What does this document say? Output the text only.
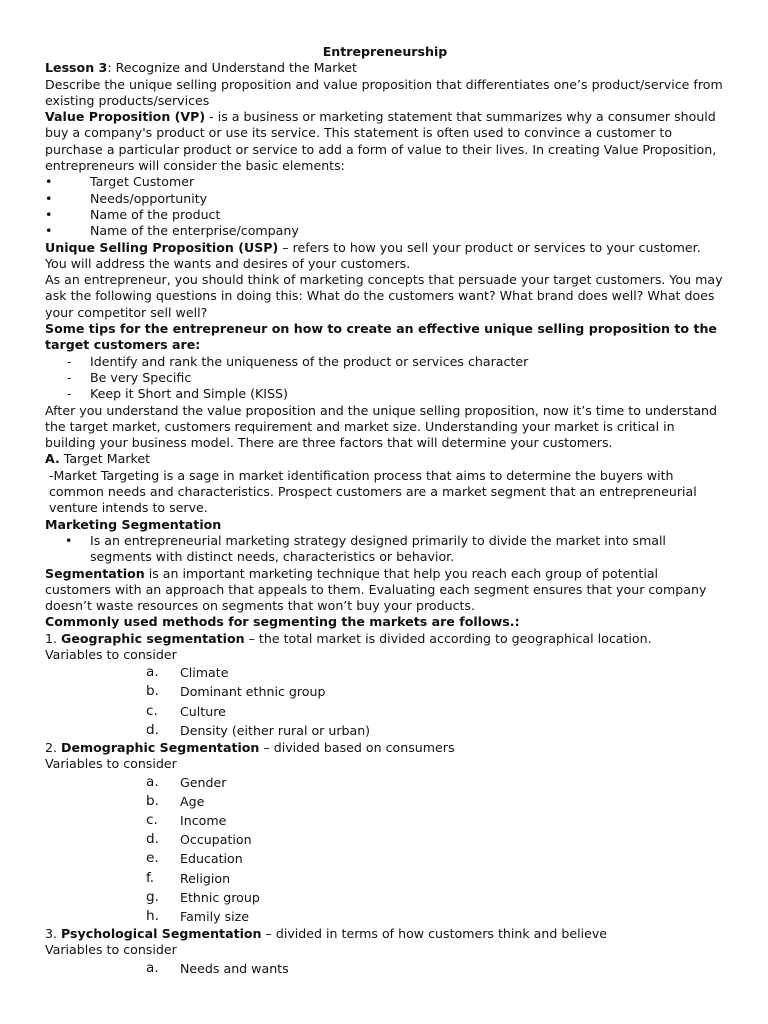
Entrepreneurship

Lesson 3: Recognize and Understand the Market

Describe the unique selling proposition and value proposition that differentiates one’s product/service from existing products/services

Value Proposition (VP) - is a business or marketing statement that summarizes why a consumer should buy a company's product or use its service. This statement is often used to convince a customer to purchase a particular product or service to add a form of value to their lives. In creating Value Proposition, entrepreneurs will consider the basic elements:

•	Target Customer
•	Needs/opportunity
•	Name of the product
•	Name of the enterprise/company

Unique Selling Proposition (USP) – refers to how you sell your product or services to your customer. You will address the wants and desires of your customers.

As an entrepreneur, you should think of marketing concepts that persuade your target customers. You may ask the following questions in doing this: What do the customers want? What brand does well? What does your competitor sell well?

Some tips for the entrepreneur on how to create an effective unique selling proposition to the target customers are:

- Identify and rank the uniqueness of the product or services character
- Be very Specific
- Keep it Short and Simple (KISS)

After you understand the value proposition and the unique selling proposition, now it’s time to understand the target market, customers requirement and market size. Understanding your market is critical in building your business model. There are three factors that will determine your customers.

A. Target Market

-Market Targeting is a sage in market identification process that aims to determine the buyers with common needs and characteristics. Prospect customers are a market segment that an entrepreneurial venture intends to serve.

Marketing Segmentation

• Is an entrepreneurial marketing strategy designed primarily to divide the market into small segments with distinct needs, characteristics or behavior.

Segmentation is an important marketing technique that help you reach each group of potential customers with an approach that appeals to them. Evaluating each segment ensures that your company doesn’t waste resources on segments that won’t buy your products.

Commonly used methods for segmenting the markets are follows.:

1. Geographic segmentation – the total market is divided according to geographical location.

Variables to consider

a. Climate
b. Dominant ethnic group
c. Culture
d. Density (either rural or urban)

2. Demographic Segmentation – divided based on consumers

Variables to consider

a. Gender
b. Age
c. Income
d. Occupation
e. Education
f. Religion
g. Ethnic group
h. Family size

3. Psychological Segmentation – divided in terms of how customers think and believe

Variables to consider

a. Needs and wants
